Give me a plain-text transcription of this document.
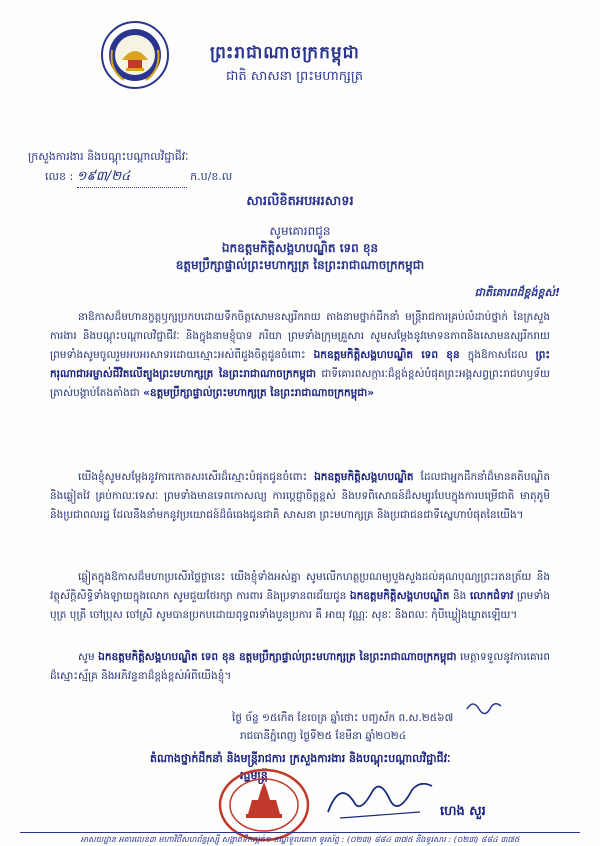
ព្រះរាជាណាចក្រកម្ពុជា
ជាតិ សាសនា ព្រះមហាក្សត្រ
ក្រសួងការងារ និងបណ្តុះបណ្តាលវិជ្ជាជីវៈ
លេខ : ១៩៣/២៤	ក.ប/ខ.ល
សារលិខិតអបអរសាទរ
សូមគោរពជូន
ឯកឧត្តមកិត្តិសង្គហបណ្ឌិត ទេព ខុន
ឧត្តមប្រឹក្សាផ្ទាល់ព្រះមហាក្សត្រ នៃព្រះរាជាណាចក្រកម្ពុជា
ជាតិគោរពដ៏ខ្ពង់ខ្ពស់!
នាឱកាសដ៏មហានក្ខត្តឫក្សប្រកបដោយទឹកចិត្តសោមនស្សរីករាយ តាងនាមថ្នាក់ដឹកនាំ មន្ត្រីរាជការគ្រប់លំដាប់ថ្នាក់ នៃក្រសួងការងារ និងបណ្តុះបណ្តាលវិជ្ជាជីវៈ និងក្នុងនាមខ្ញុំបាទ ភរិយា ព្រមទាំងក្រុមគ្រួសារ សូមសម្តែងនូវមោទនភាពនិងសោមនស្សរីករាយ ព្រមទាំងសូមចូលរួមអបអរសាទរដោយស្មោះអស់ពីដួងចិត្តជូនចំពោះ ឯកឧត្តមកិត្តិសង្គហបណ្ឌិត ទេព ខុន ក្នុងឱកាសដែល ព្រះករុណាជាអម្ចាស់ជីវិតលើត្បូងព្រះមហាក្សត្រ នៃព្រះរាជាណាចក្រកម្ពុជា ជាទីគោរពសក្ការៈដ៏ខ្ពង់ខ្ពស់បំផុតព្រះអង្គសព្វព្រះរាជហឫទ័យ ត្រាស់បង្គាប់តែងតាំងជា «ឧត្តមប្រឹក្សាផ្ទាល់ព្រះមហាក្សត្រ នៃព្រះរាជាណាចក្រកម្ពុជា»
យើងខ្ញុំសូមសម្តែងនូវការកោតសរសើរដ៏ស្មោះបំផុតជូនចំពោះ ឯកឧត្តមកិត្តិសង្គហបណ្ឌិត ដែលជាអ្នកដឹកនាំដ៏មានគតិបណ្ឌិត និងឆ្លៀតវៃ គ្រប់កាលៈទេសៈ ព្រមទាំងមានទេពកោសល្យ ការប្តេជ្ញាចិត្តខ្ពស់ និងបទពិសោធន៍ដ៏សម្បូរបែបក្នុងការបម្រើជាតិ មាតុភូមិ និងប្រជាពលរដ្ឋ ដែលនឹងនាំមកនូវប្រយោជន៍ដ៏ធំធេងជូនជាតិ សាសនា ព្រះមហាក្សត្រ និងប្រជាជនជាទីស្នេហាបំផុតនៃយើង។
ឆ្លៀតក្នុងឱកាសដ៏មហាប្រសើរថ្លៃថ្លានេះ យើងខ្ញុំទាំងអស់គ្នា សូមលើកហត្ថប្រណម្យបួងសួងដល់គុណបុណ្យព្រះរតនត្រ័យ និងវត្ថុស័ក្តិសិទ្ធិទាំងឡាយក្នុងលោក សូមជួយថែរក្សា ការពារ និងប្រទានពរជ័យជូន ឯកឧត្តមកិត្តិសង្គហបណ្ឌិត និង លោកជំទាវ ព្រមទាំងបុត្រ បុត្រី ចៅប្រុស ចៅស្រី សូមបានប្រកបដោយពុទ្ធពរទាំងបួនប្រការ គឺ អាយុ វណ្ណៈ សុខៈ និងពលៈ កុំបីឃ្លៀងឃ្លាតឡើយ។
សូម ឯកឧត្តមកិត្តិសង្គហបណ្ឌិត ទេព ខុន ឧត្តមប្រឹក្សាផ្ទាល់ព្រះមហាក្សត្រ នៃព្រះរាជាណាចក្រកម្ពុជា មេត្តាទទួលនូវការគោរពដ៏ស្មោះស្ម័គ្រ និងអភិវន្ទនាដ៏ខ្ពង់ខ្ពស់អំពីយើងខ្ញុំ។
ថ្ងៃ ច័ន្ទ ១៥កើត ខែចេត្រ ឆ្នាំថោះ បញ្ចស័ក ព.ស.២៥៦៧
រាជធានីភ្នំពេញ ថ្ងៃទី២៥ ខែមីនា ឆ្នាំ២០២៤
តំណាងថ្នាក់ដឹកនាំ និងមន្ត្រីរាជការ ក្រសួងការងារ និងបណ្តុះបណ្តាលវិជ្ជាជីវៈ
រដ្ឋមន្ត្រី
ហេង សួរ
អាសយដ្ឋាន អគារលេខ៣ មហាវិថីសហព័ន្ធរុស្ស៊ី សង្កាត់ទឹកល្អក់១ ខណ្ឌទួលគោក ទូរស័ព្ទ : (០២៣) ៨៨៤ ៣៧៥ និងទូរសារ : (០២៣) ៨៨៤ ៣៧៥
